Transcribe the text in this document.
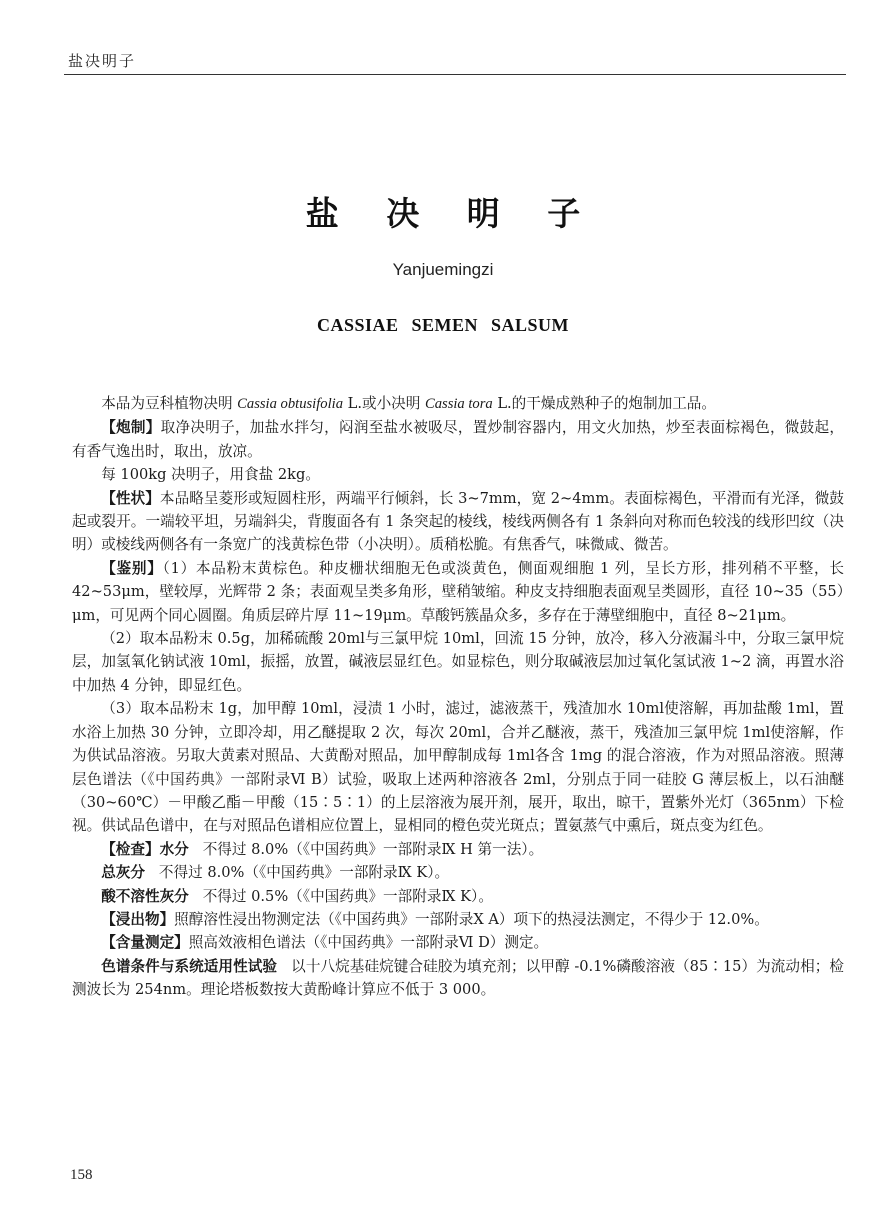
盐决明子
盐 决 明 子
Yanjuemingzi
CASSIAE SEMEN SALSUM

本品为豆科植物决明 Cassia obtusifolia L.或小决明 Cassia tora L.的干燥成熟种子的炮制加工品。

【炮制】取净决明子，加盐水拌匀，闷润至盐水被吸尽，置炒制容器内，用文火加热，炒至表面棕褐色，微鼓起，有香气逸出时，取出，放凉。

每 100kg 决明子，用食盐 2kg。

【性状】本品略呈菱形或短圆柱形，两端平行倾斜，长 3~7mm，宽 2~4mm。表面棕褐色，平滑而有光泽，微鼓起或裂开。一端较平坦，另端斜尖，背腹面各有 1 条突起的棱线，棱线两侧各有 1 条斜向对称而色较浅的线形凹纹（决明）或棱线两侧各有一条宽广的浅黄棕色带（小决明）。质稍松脆。有焦香气，味微咸、微苦。

【鉴别】（1）本品粉末黄棕色。种皮栅状细胞无色或淡黄色，侧面观细胞 1 列，呈长方形，排列稍不平整，长 42~53μm，壁较厚，光辉带 2 条；表面观呈类多角形，壁稍皱缩。种皮支持细胞表面观呈类圆形，直径 10~35（55）μm，可见两个同心圆圈。角质层碎片厚 11~19μm。草酸钙簇晶众多，多存在于薄壁细胞中，直径 8~21μm。

（2）取本品粉末 0.5g，加稀硫酸 20ml与三氯甲烷 10ml，回流 15 分钟，放冷，移入分液漏斗中，分取三氯甲烷层，加氢氧化钠试液 10ml，振摇，放置，碱液层显红色。如显棕色，则分取碱液层加过氧化氢试液 1~2 滴，再置水浴中加热 4 分钟，即显红色。

（3）取本品粉末 1g，加甲醇 10ml，浸渍 1 小时，滤过，滤液蒸干，残渣加水 10ml使溶解，再加盐酸 1ml，置水浴上加热 30 分钟，立即冷却，用乙醚提取 2 次，每次 20ml，合并乙醚液，蒸干，残渣加三氯甲烷 1ml使溶解，作为供试品溶液。另取大黄素对照品、大黄酚对照品，加甲醇制成每 1ml各含 1mg 的混合溶液，作为对照品溶液。照薄层色谱法（《中国药典》一部附录Ⅵ B）试验，吸取上述两种溶液各 2ml，分别点于同一硅胶 G 薄层板上，以石油醚（30~60℃）－甲酸乙酯－甲酸（15∶5∶1）的上层溶液为展开剂，展开，取出，晾干，置紫外光灯（365nm）下检视。供试品色谱中，在与对照品色谱相应位置上，显相同的橙色荧光斑点；置氨蒸气中熏后，斑点变为红色。

【检查】水分 不得过 8.0%（《中国药典》一部附录Ⅸ H 第一法）。

总灰分 不得过 8.0%（《中国药典》一部附录Ⅸ K）。

酸不溶性灰分 不得过 0.5%（《中国药典》一部附录Ⅸ K）。

【浸出物】照醇溶性浸出物测定法（《中国药典》一部附录Ⅹ A）项下的热浸法测定，不得少于 12.0%。

【含量测定】照高效液相色谱法（《中国药典》一部附录Ⅵ D）测定。

色谱条件与系统适用性试验 以十八烷基硅烷键合硅胶为填充剂；以甲醇 -0.1%磷酸溶液（85∶15）为流动相；检测波长为 254nm。理论塔板数按大黄酚峰计算应不低于 3 000。

158
